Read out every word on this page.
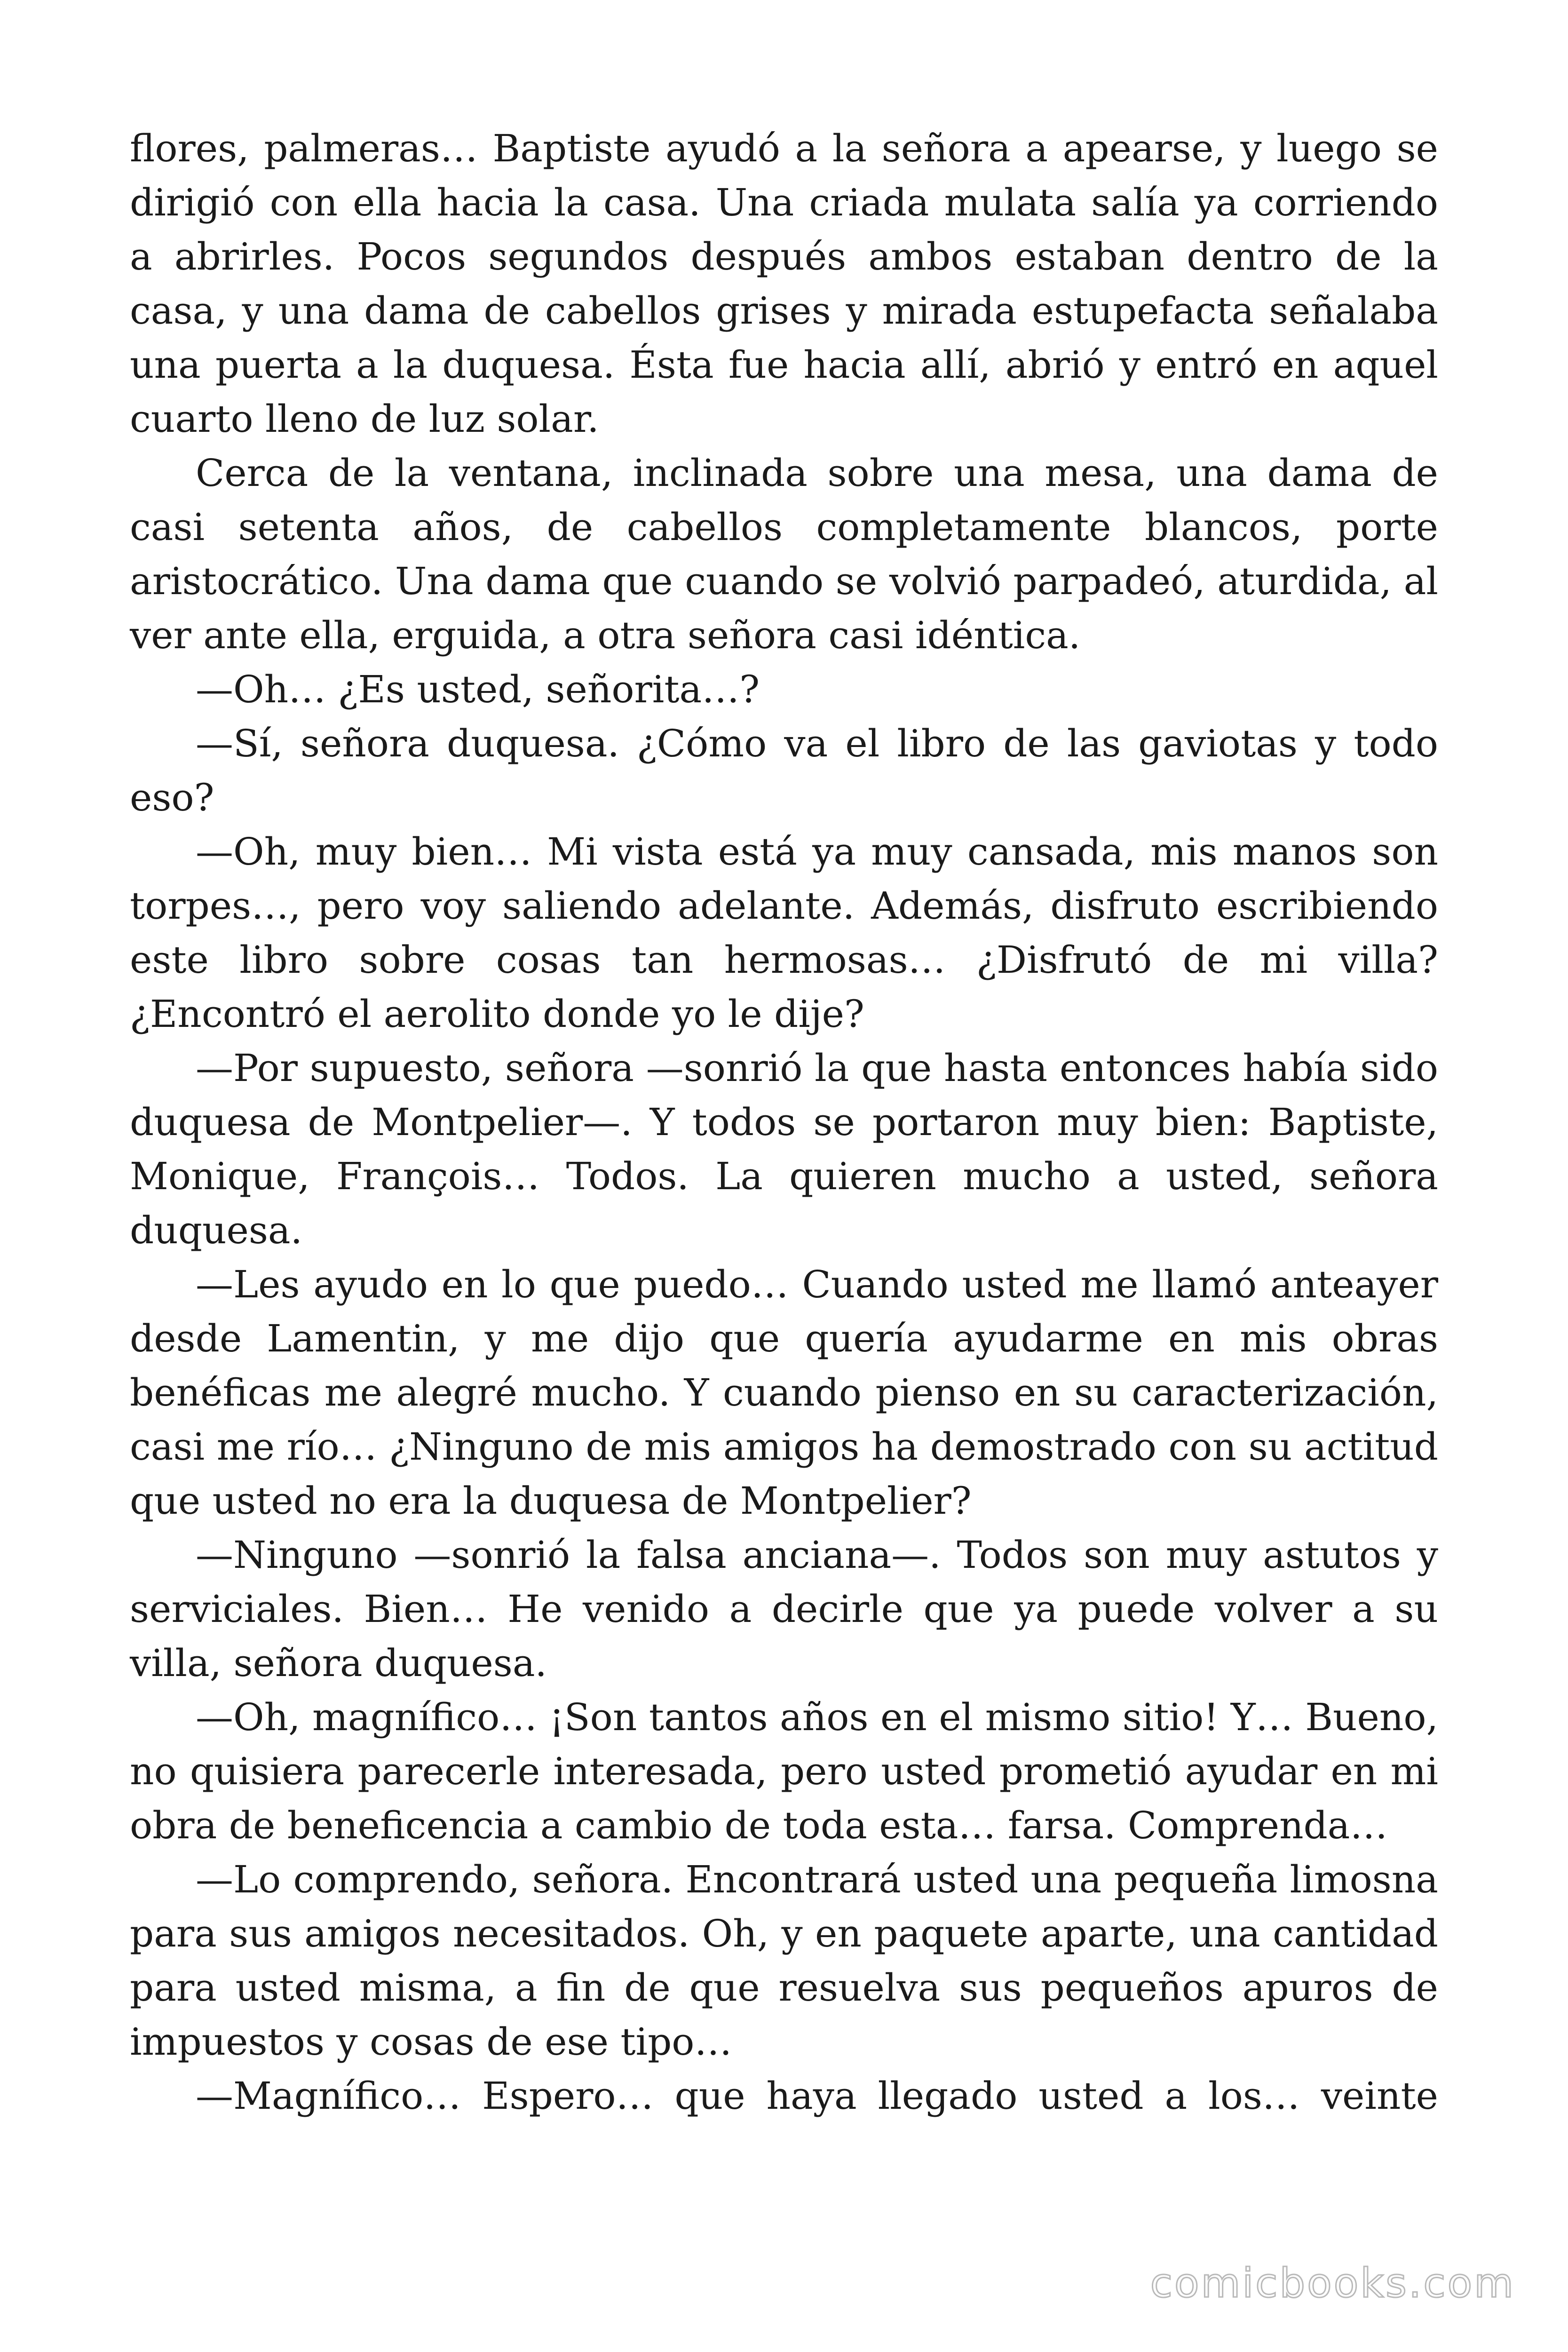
flores, palmeras… Baptiste ayudó a la señora a apearse, y luego se dirigió con ella hacia la casa. Una criada mulata salía ya corriendo a abrirles. Pocos segundos después ambos estaban dentro de la casa, y una dama de cabellos grises y mirada estupefacta señalaba una puerta a la duquesa. Ésta fue hacia allí, abrió y entró en aquel cuarto lleno de luz solar.

Cerca de la ventana, inclinada sobre una mesa, una dama de casi setenta años, de cabellos completamente blancos, porte aristocrático. Una dama que cuando se volvió parpadeó, aturdida, al ver ante ella, erguida, a otra señora casi idéntica.

—Oh… ¿Es usted, señorita…?

—Sí, señora duquesa. ¿Cómo va el libro de las gaviotas y todo eso?

—Oh, muy bien… Mi vista está ya muy cansada, mis manos son torpes…, pero voy saliendo adelante. Además, disfruto escribiendo este libro sobre cosas tan hermosas… ¿Disfrutó de mi villa? ¿Encontró el aerolito donde yo le dije?

—Por supuesto, señora —sonrió la que hasta entonces había sido duquesa de Montpelier—. Y todos se portaron muy bien: Baptiste, Monique, François… Todos. La quieren mucho a usted, señora duquesa.

—Les ayudo en lo que puedo… Cuando usted me llamó anteayer desde Lamentin, y me dijo que quería ayudarme en mis obras benéficas me alegré mucho. Y cuando pienso en su caracterización, casi me río… ¿Ninguno de mis amigos ha demostrado con su actitud que usted no era la duquesa de Montpelier?

—Ninguno —sonrió la falsa anciana—. Todos son muy astutos y serviciales. Bien… He venido a decirle que ya puede volver a su villa, señora duquesa.

—Oh, magnífico… ¡Son tantos años en el mismo sitio! Y… Bueno, no quisiera parecerle interesada, pero usted prometió ayudar en mi obra de beneficencia a cambio de toda esta… farsa. Comprenda…

—Lo comprendo, señora. Encontrará usted una pequeña limosna para sus amigos necesitados. Oh, y en paquete aparte, una cantidad para usted misma, a fin de que resuelva sus pequeños apuros de impuestos y cosas de ese tipo…

—Magnífico… Espero… que haya llegado usted a los… veinte

comicbooks.com
